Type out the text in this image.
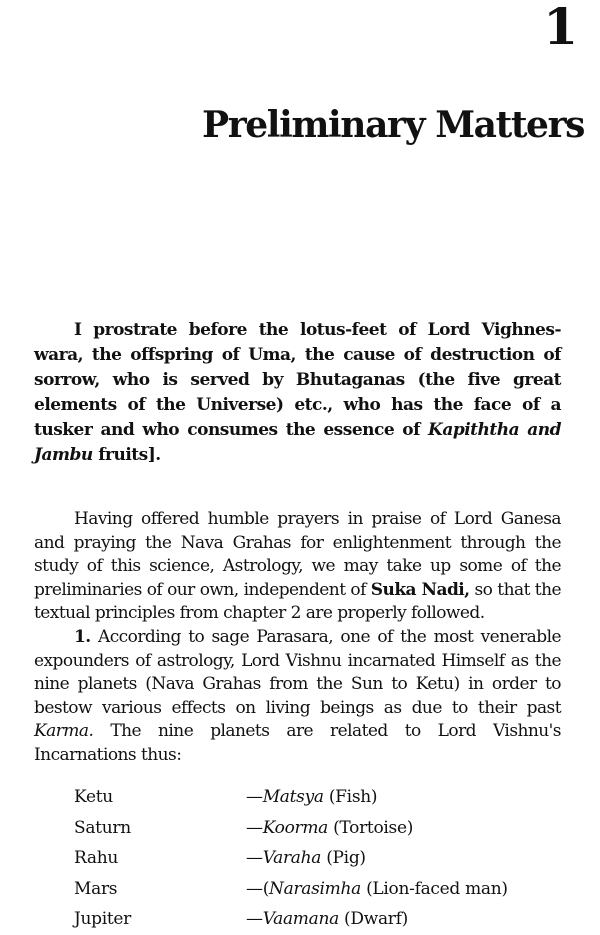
1
Preliminary Matters

I prostrate before the lotus-feet of Lord Vighnes-wara, the offspring of Uma, the cause of destruction of sorrow, who is served by Bhutaganas (the five great elements of the Universe) etc., who has the face of a tusker and who consumes the essence of Kapiththa and Jambu fruits].

Having offered humble prayers in praise of Lord Ganesa and praying the Nava Grahas for enlightenment through the study of this science, Astrology, we may take up some of the preliminaries of our own, independent of Suka Nadi, so that the textual principles from chapter 2 are properly followed.

1. According to sage Parasara, one of the most venerable expounders of astrology, Lord Vishnu incarnated Himself as the nine planets (Nava Grahas from the Sun to Ketu) in order to bestow various effects on living beings as due to their past Karma. The nine planets are related to Lord Vishnu's Incarnations thus:

Ketu	—Matsya (Fish)
Saturn	—Koorma (Tortoise)
Rahu	—Varaha (Pig)
Mars	—(Narasimha (Lion-faced man)
Jupiter	—Vaamana (Dwarf)
